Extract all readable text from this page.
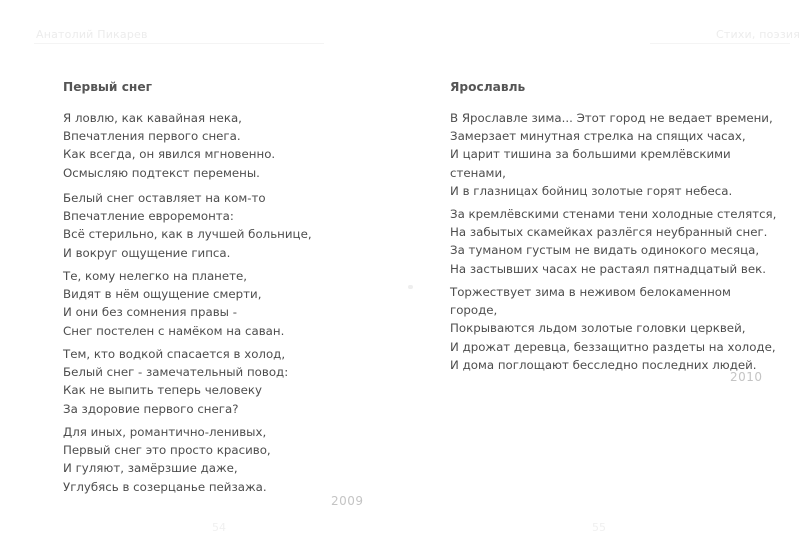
Анатолий Пикарев	Стихи, поэзия
Первый снег
Я ловлю, как кавайная нека,
Впечатления первого снега.
Как всегда, он явился мгновенно.
Осмысляю подтекст перемены.
Белый снег оставляет на ком-то
Впечатление евроремонта:
Всё стерильно, как в лучшей больнице,
И вокруг ощущение гипса.
Те, кому нелегко на планете,
Видят в нём ощущение смерти,
И они без сомнения правы -
Снег постелен с намёком на саван.
Тем, кто водкой спасается в холод,
Белый снег - замечательный повод:
Как не выпить теперь человеку
За здоровие первого снега?
Для иных, романтично-ленивых,
Первый снег это просто красиво,
И гуляют, замёрзшие даже,
Углубясь в созерцанье пейзажа.
2009
54
Ярославль
В Ярославле зима... Этот город не ведает времени,
Замерзает минутная стрелка на спящих часах,
И царит тишина за большими кремлёвскими
стенами,
И в глазницах бойниц золотые горят небеса.
За кремлёвскими стенами тени холодные стелятся,
На забытых скамейках разлёгся неубранный снег.
За туманом густым не видать одинокого месяца,
На застывших часах не растаял пятнадцатый век.
Торжествует зима в неживом белокаменном
городе,
Покрываются льдом золотые головки церквей,
И дрожат деревца, беззащитно раздеты на холоде,
И дома поглощают бесследно последних людей.
2010
55
